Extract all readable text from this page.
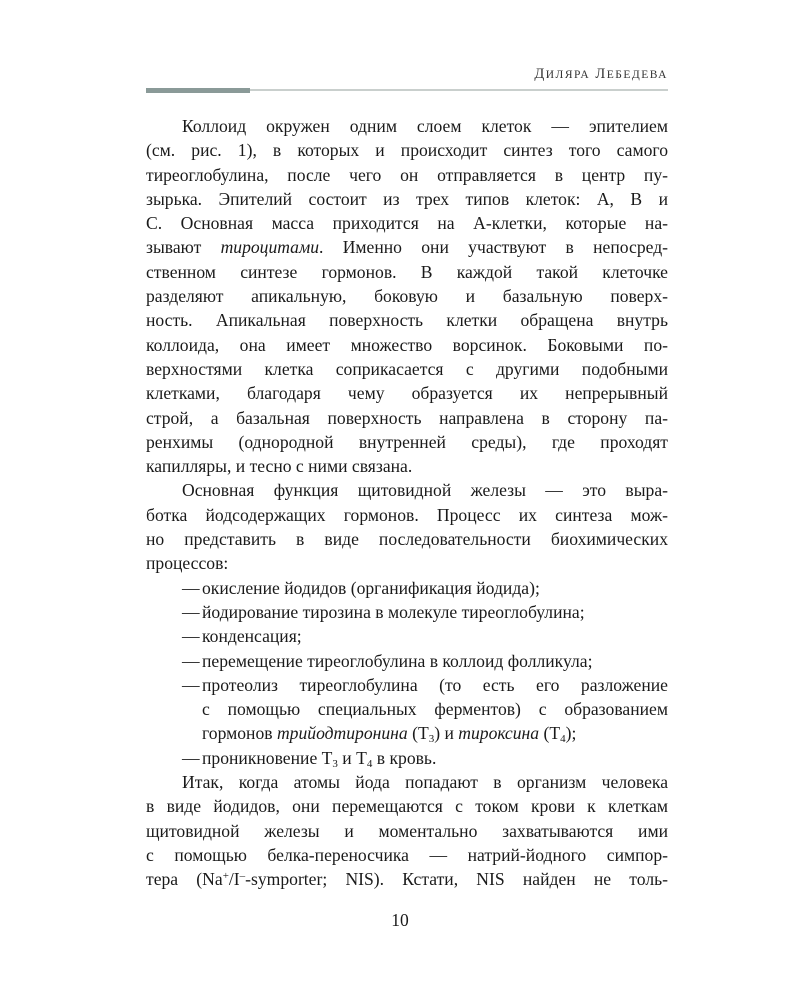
ДИЛЯРА ЛЕБЕДЕВА
Коллоид окружен одним слоем клеток — эпителием
(см. рис. 1), в которых и происходит синтез того самого
тиреоглобулина, после чего он отправляется в центр пу-
зырька. Эпителий состоит из трех типов клеток: А, В и
С. Основная масса приходится на А-клетки, которые на-
зывают тироцитами. Именно они участвуют в непосред-
ственном синтезе гормонов. В каждой такой клеточке
разделяют апикальную, боковую и базальную поверх-
ность. Апикальная поверхность клетки обращена внутрь
коллоида, она имеет множество ворсинок. Боковыми по-
верхностями клетка соприкасается с другими подобными
клетками, благодаря чему образуется их непрерывный
строй, а базальная поверхность направлена в сторону па-
ренхимы (однородной внутренней среды), где проходят
капилляры, и тесно с ними связана.
Основная функция щитовидной железы — это выра-
ботка йодсодержащих гормонов. Процесс их синтеза мож-
но представить в виде последовательности биохимических
процессов:
— окисление йодидов (органификация йодида);
— йодирование тирозина в молекуле тиреоглобулина;
— конденсация;
— перемещение тиреоглобулина в коллоид фолликула;
— протеолиз тиреоглобулина (то есть его разложение
с помощью специальных ферментов) с образованием
гормонов трийодтиронина $(T_3)$ и тироксина $(T_4)$;
— проникновение $T_3$ и $T_4$ в кровь.
Итак, когда атомы йода попадают в организм человека
в виде йодидов, они перемещаются с током крови к клеткам
щитовидной железы и моментально захватываются ими
с помощью белка-переносчика — натрий-йодного симпор-
тера (Na+/I–-symporter; NIS). Кстати, NIS найден не толь-
10
